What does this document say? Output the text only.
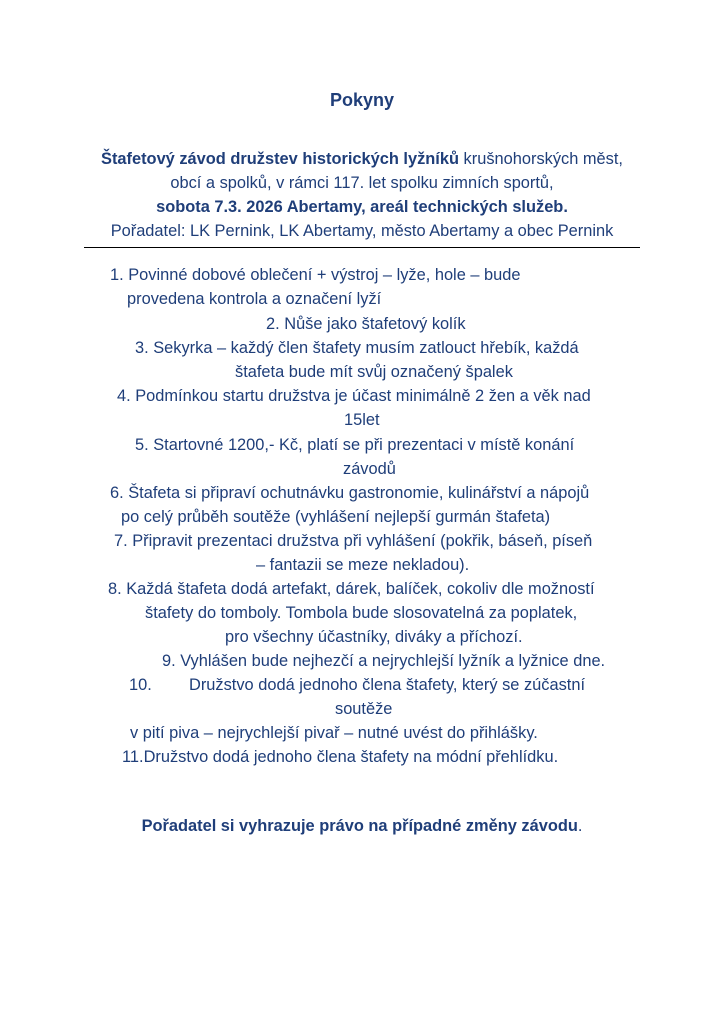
Pokyny
Štafetový závod družstev historických lyžníků krušnohorských měst,
obcí a spolků, v rámci 117. let spolku zimních sportů,
sobota 7.3. 2026 Abertamy, areál technických služeb.
Pořadatel: LK Pernink, LK Abertamy, město Abertamy a obec Pernink
1. Povinné dobové oblečení + výstroj – lyže, hole – bude
provedena kontrola a označení lyží
2. Nůše jako štafetový kolík
3. Sekyrka – každý člen štafety musím zatlouct hřebík, každá
štafeta bude mít svůj označený špalek
4. Podmínkou startu družstva je účast minimálně 2 žen a věk nad
15let
5. Startovné 1200,- Kč, platí se při prezentaci v místě konání
závodů
6. Štafeta si připraví ochutnávku gastronomie, kulinářství a nápojů
po celý průběh soutěže (vyhlášení nejlepší gurmán štafeta)
7. Připravit prezentaci družstva při vyhlášení (pokřik, báseň, píseň
– fantazii se meze nekladou).
8. Každá štafeta dodá artefakt, dárek, balíček, cokoliv dle možností
štafety do tomboly. Tombola bude slosovatelná za poplatek,
pro všechny účastníky, diváky a příchozí.
9. Vyhlášen bude nejhezčí a nejrychlejší lyžník a lyžnice dne.
10. Družstvo dodá jednoho člena štafety, který se zúčastní
soutěže
v pití piva – nejrychlejší pivař – nutné uvést do přihlášky.
11.Družstvo dodá jednoho člena štafety na módní přehlídku.
Pořadatel si vyhrazuje právo na případné změny závodu.
